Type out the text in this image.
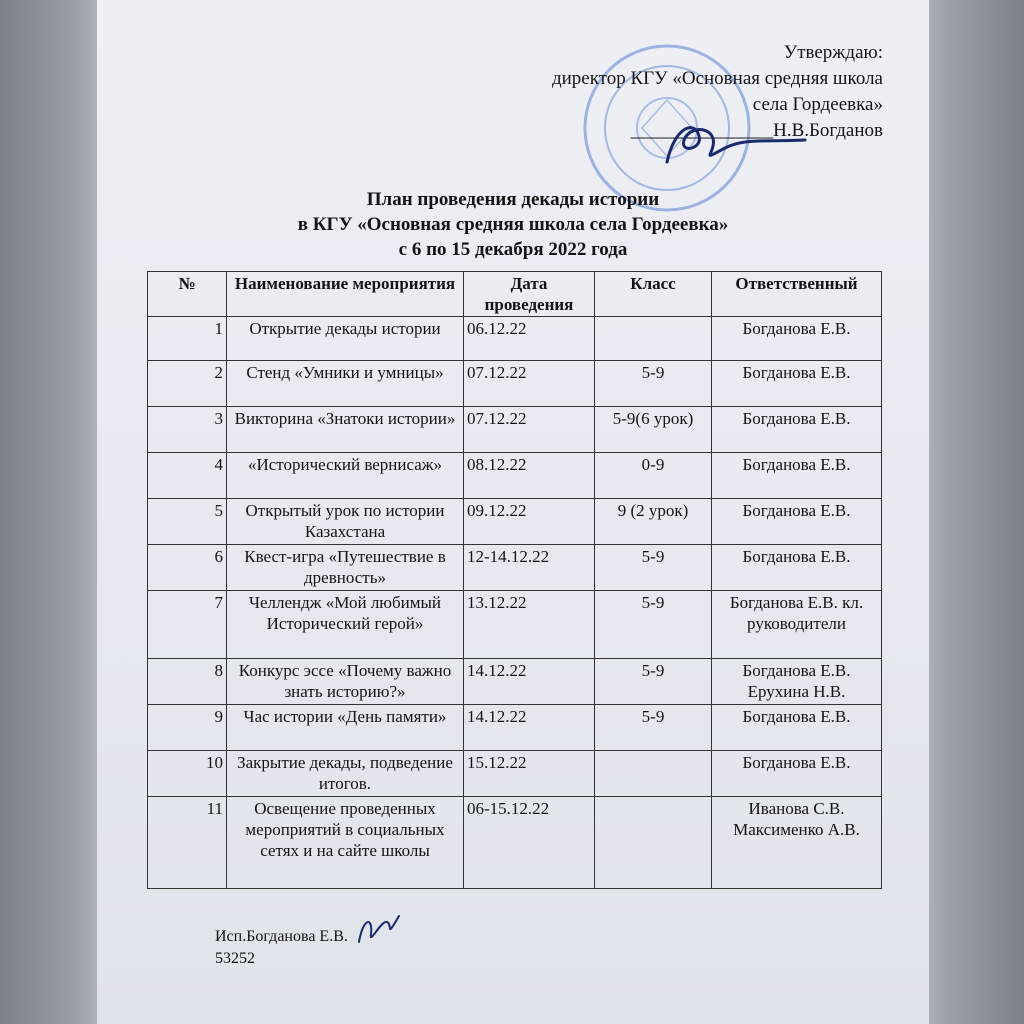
Утверждаю:
директор КГУ «Основная средняя школа
села Гордеевка»
_______________Н.В.Богданов
План проведения декады истории
в КГУ «Основная средняя школа села Гордеевка»
с 6 по 15 декабря 2022 года
№	Наименование мероприятия	Дата проведения	Класс	Ответственный
1	Открытие декады истории	06.12.22		Богданова Е.В.
2	Стенд «Умники и умницы»	07.12.22	5-9	Богданова Е.В.
3	Викторина «Знатоки истории»	07.12.22	5-9(6 урок)	Богданова Е.В.
4	«Исторический вернисаж»	08.12.22	0-9	Богданова Е.В.
5	Открытый урок по истории Казахстана	09.12.22	9 (2 урок)	Богданова Е.В.
6	Квест-игра «Путешествие в древность»	12-14.12.22	5-9	Богданова Е.В.
7	Челлендж «Мой любимый Исторический герой»	13.12.22	5-9	Богданова Е.В. кл. руководители
8	Конкурс эссе «Почему важно знать историю?»	14.12.22	5-9	Богданова Е.В. Ерухина Н.В.
9	Час истории «День памяти»	14.12.22	5-9	Богданова Е.В.
10	Закрытие декады, подведение итогов.	15.12.22		Богданова Е.В.
11	Освещение проведенных мероприятий в социальных сетях и на сайте школы	06-15.12.22		Иванова С.В. Максименко А.В.
Исп.Богданова Е.В.
53252
